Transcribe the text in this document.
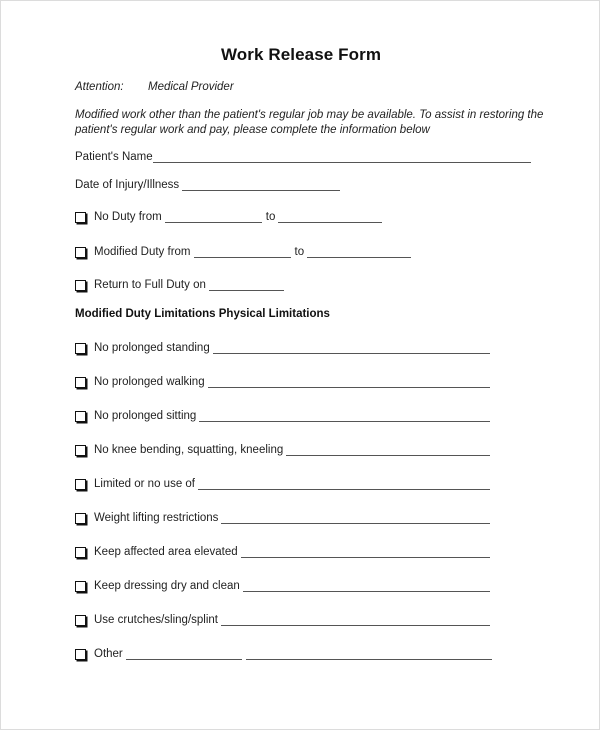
Work Release Form
Attention: Medical Provider
Modified work other than the patient's regular job may be available. To assist in restoring the patient's regular work and pay, please complete the information below
Patient's Name
Date of Injury/Illness
No Duty from	to
Modified Duty from	to
Return to Full Duty on
Modified Duty Limitations Physical Limitations
No prolonged standing
No prolonged walking
No prolonged sitting
No knee bending, squatting, kneeling
Limited or no use of
Weight lifting restrictions
Keep affected area elevated
Keep dressing dry and clean
Use crutches/sling/splint
Other
